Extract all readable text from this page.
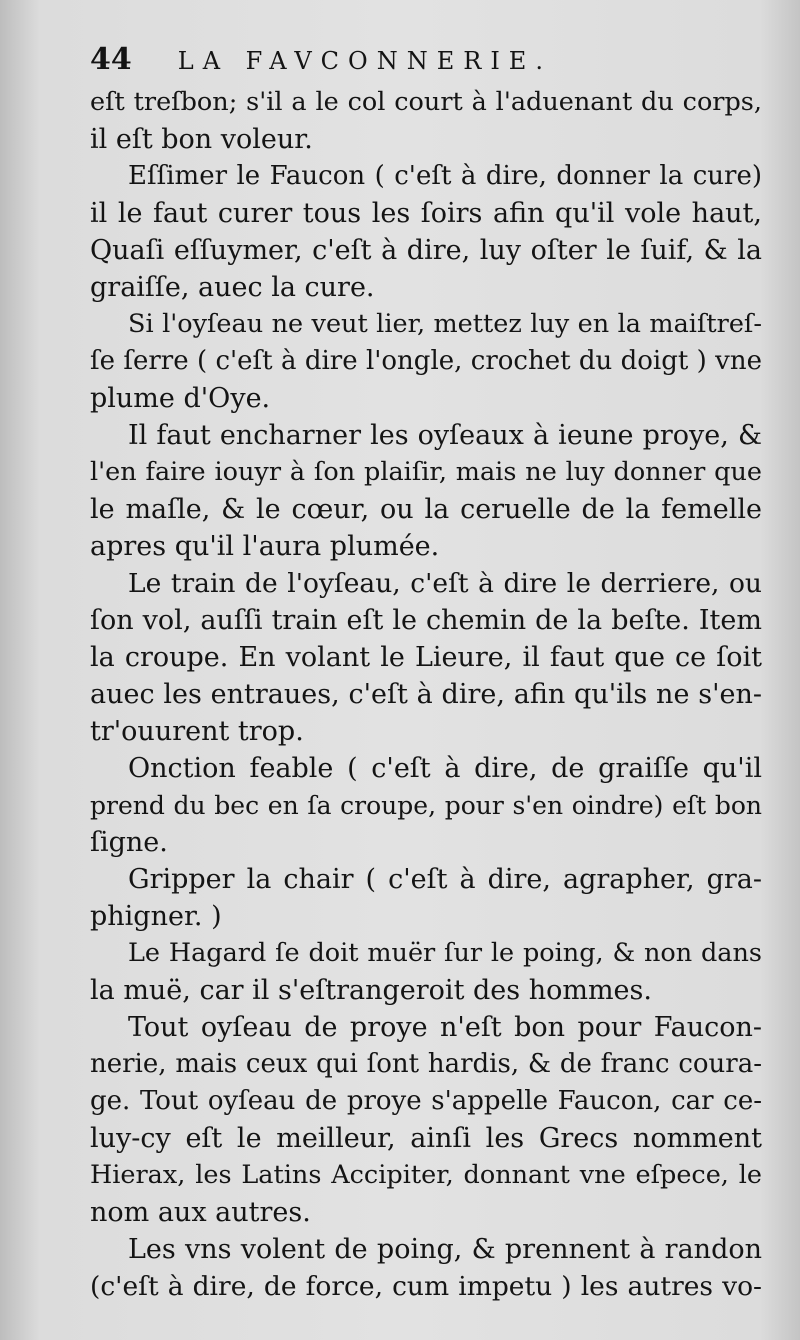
44 LA FAVCONNERIE.
eſt treſbon; s'il a le col court à l'aduenant du corps,
il eſt bon voleur.
Eſſimer le Faucon ( c'eſt à dire, donner la cure)
il le faut curer tous les ſoirs afin qu'il vole haut,
Quaſi eſſuymer, c'eſt à dire, luy oſter le ſuif, & la
graiſſe, auec la cure.
Si l'oyſeau ne veut lier, mettez luy en la maiſtreſ-
ſe ſerre ( c'eſt à dire l'ongle, crochet du doigt ) vne
plume d'Oye.
Il faut encharner les oyſeaux à ieune proye, &
l'en faire iouyr à ſon plaiſir, mais ne luy donner que
le maſle, & le cœur, ou la ceruelle de la femelle
apres qu'il l'aura plumée.
Le train de l'oyſeau, c'eſt à dire le derriere, ou
ſon vol, auſſi train eſt le chemin de la beſte. Item
la croupe. En volant le Lieure, il faut que ce ſoit
auec les entraues, c'eſt à dire, afin qu'ils ne s'en-
tr'ouurent trop.
Onction feable ( c'eſt à dire, de graiſſe qu'il
prend du bec en ſa croupe, pour s'en oindre) eſt bon
ſigne.
Gripper la chair ( c'eſt à dire, agrapher, gra-
phigner. )
Le Hagard ſe doit muër ſur le poing, & non dans
la muë, car il s'eſtrangeroit des hommes.
Tout oyſeau de proye n'eſt bon pour Faucon-
nerie, mais ceux qui ſont hardis, & de franc coura-
ge. Tout oyſeau de proye s'appelle Faucon, car ce-
luy-cy eſt le meilleur, ainſi les Grecs nomment
Hierax, les Latins Accipiter, donnant vne eſpece, le
nom aux autres.
Les vns volent de poing, & prennent à randon
(c'eſt à dire, de force, cum impetu ) les autres vo-
